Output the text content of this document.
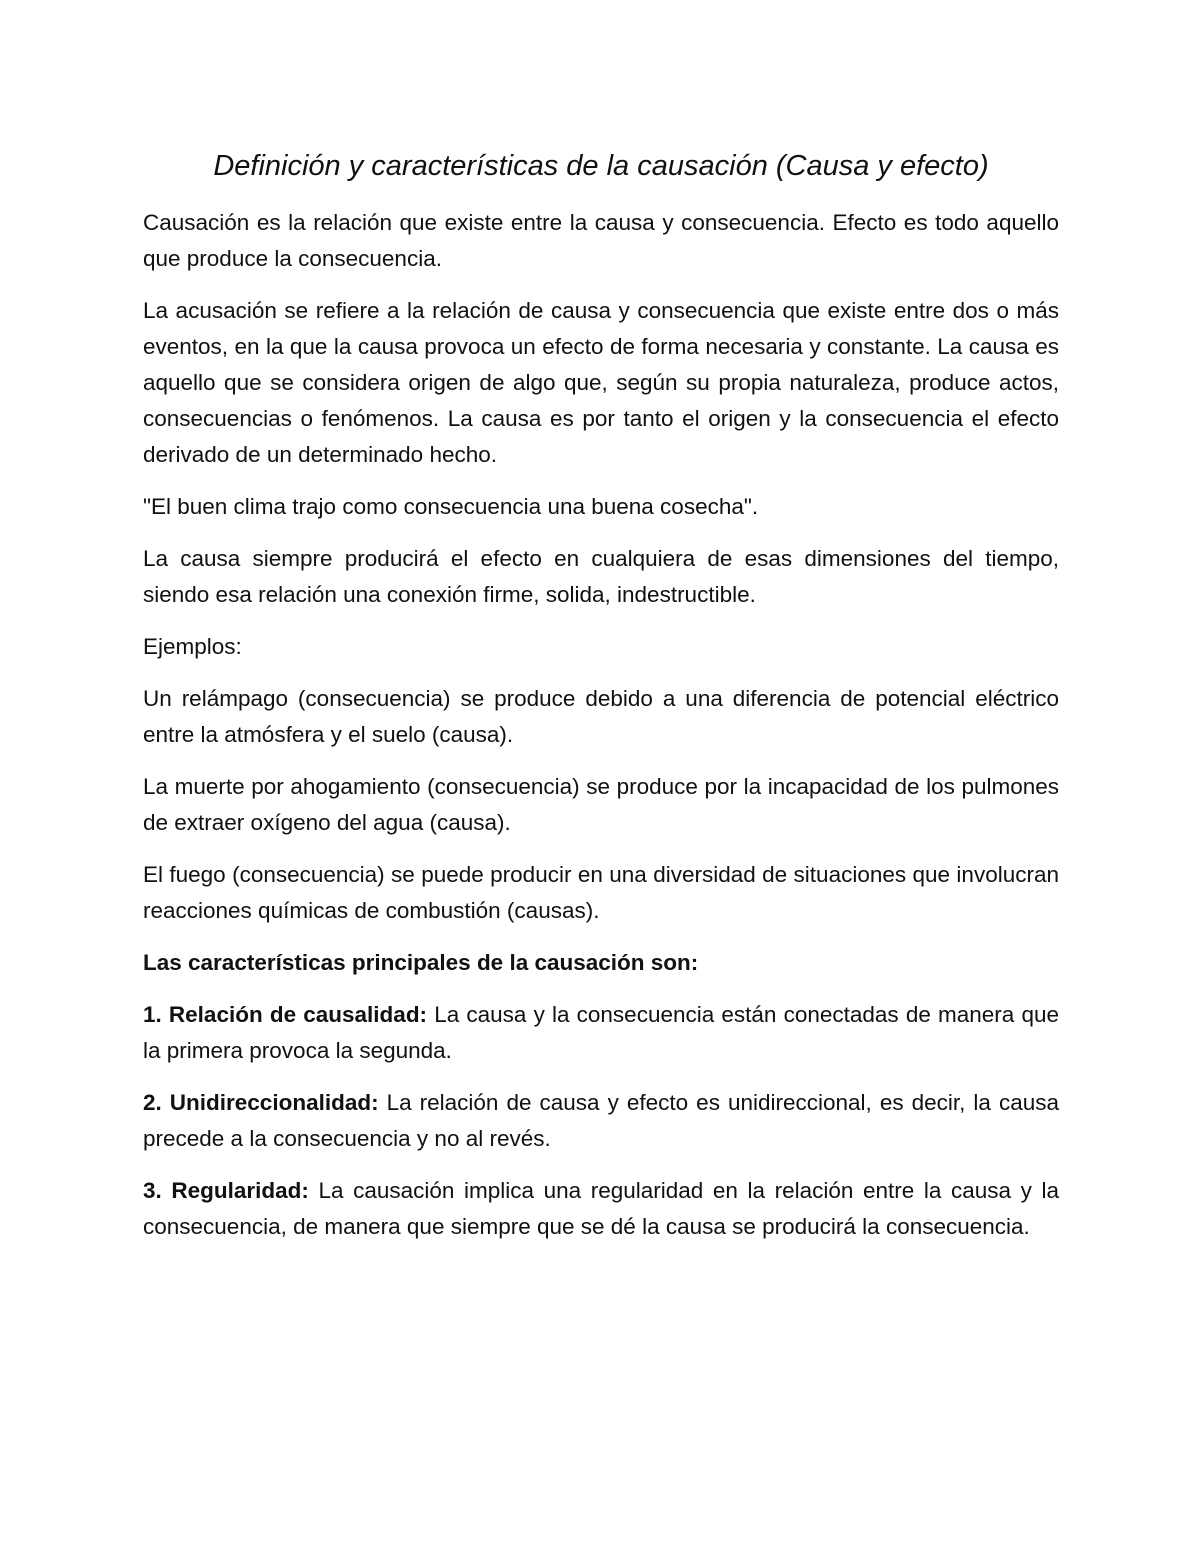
Definición y características de la causación (Causa y efecto)

Causación es la relación que existe entre la causa y consecuencia. Efecto es todo aquello que produce la consecuencia.

La acusación se refiere a la relación de causa y consecuencia que existe entre dos o más eventos, en la que la causa provoca un efecto de forma necesaria y constante. La causa es aquello que se considera origen de algo que, según su propia naturaleza, produce actos, consecuencias o fenómenos. La causa es por tanto el origen y la consecuencia el efecto derivado de un determinado hecho.

"El buen clima trajo como consecuencia una buena cosecha".

La causa siempre producirá el efecto en cualquiera de esas dimensiones del tiempo, siendo esa relación una conexión firme, solida, indestructible.

Ejemplos:

Un relámpago (consecuencia) se produce debido a una diferencia de potencial eléctrico entre la atmósfera y el suelo (causa).

La muerte por ahogamiento (consecuencia) se produce por la incapacidad de los pulmones de extraer oxígeno del agua (causa).

El fuego (consecuencia) se puede producir en una diversidad de situaciones que involucran reacciones químicas de combustión (causas).

Las características principales de la causación son:

1. Relación de causalidad: La causa y la consecuencia están conectadas de manera que la primera provoca la segunda.

2. Unidireccionalidad: La relación de causa y efecto es unidireccional, es decir, la causa precede a la consecuencia y no al revés.

3. Regularidad: La causación implica una regularidad en la relación entre la causa y la consecuencia, de manera que siempre que se dé la causa se producirá la consecuencia.
